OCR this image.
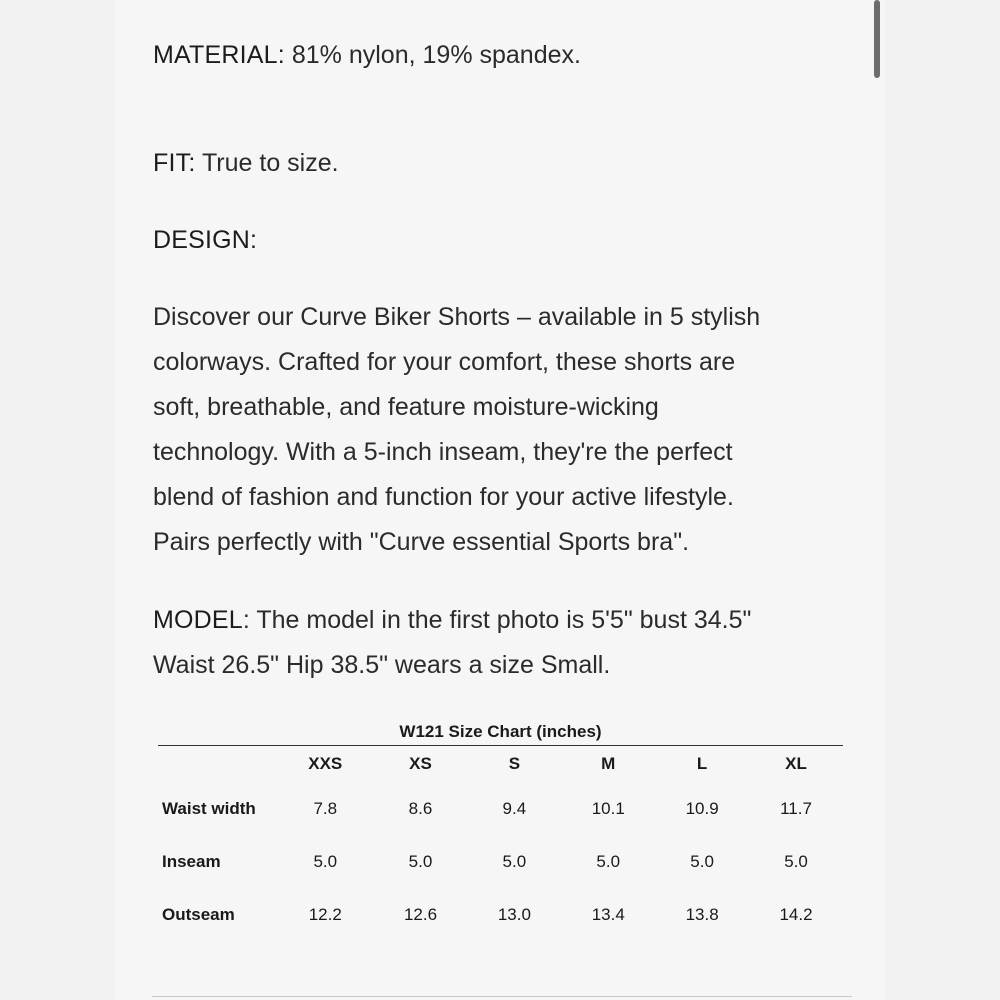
MATERIAL: 81% nylon, 19% spandex.

FIT: True to size.

DESIGN:

Discover our Curve Biker Shorts – available in 5 stylish
colorways. Crafted for your comfort, these shorts are
soft, breathable, and feature moisture-wicking
technology. With a 5-inch inseam, they're the perfect
blend of fashion and function for your active lifestyle.
Pairs perfectly with "Curve essential Sports bra".
MODEL: The model in the first photo is 5'5" bust 34.5"
Waist 26.5" Hip 38.5" wears a size Small.
W121 Size Chart (inches)
	XXS	XS	S	M	L	XL
Waist width	7.8	8.6	9.4	10.1	10.9	11.7
Inseam	5.0	5.0	5.0	5.0	5.0	5.0
Outseam	12.2	12.6	13.0	13.4	13.8	14.2
